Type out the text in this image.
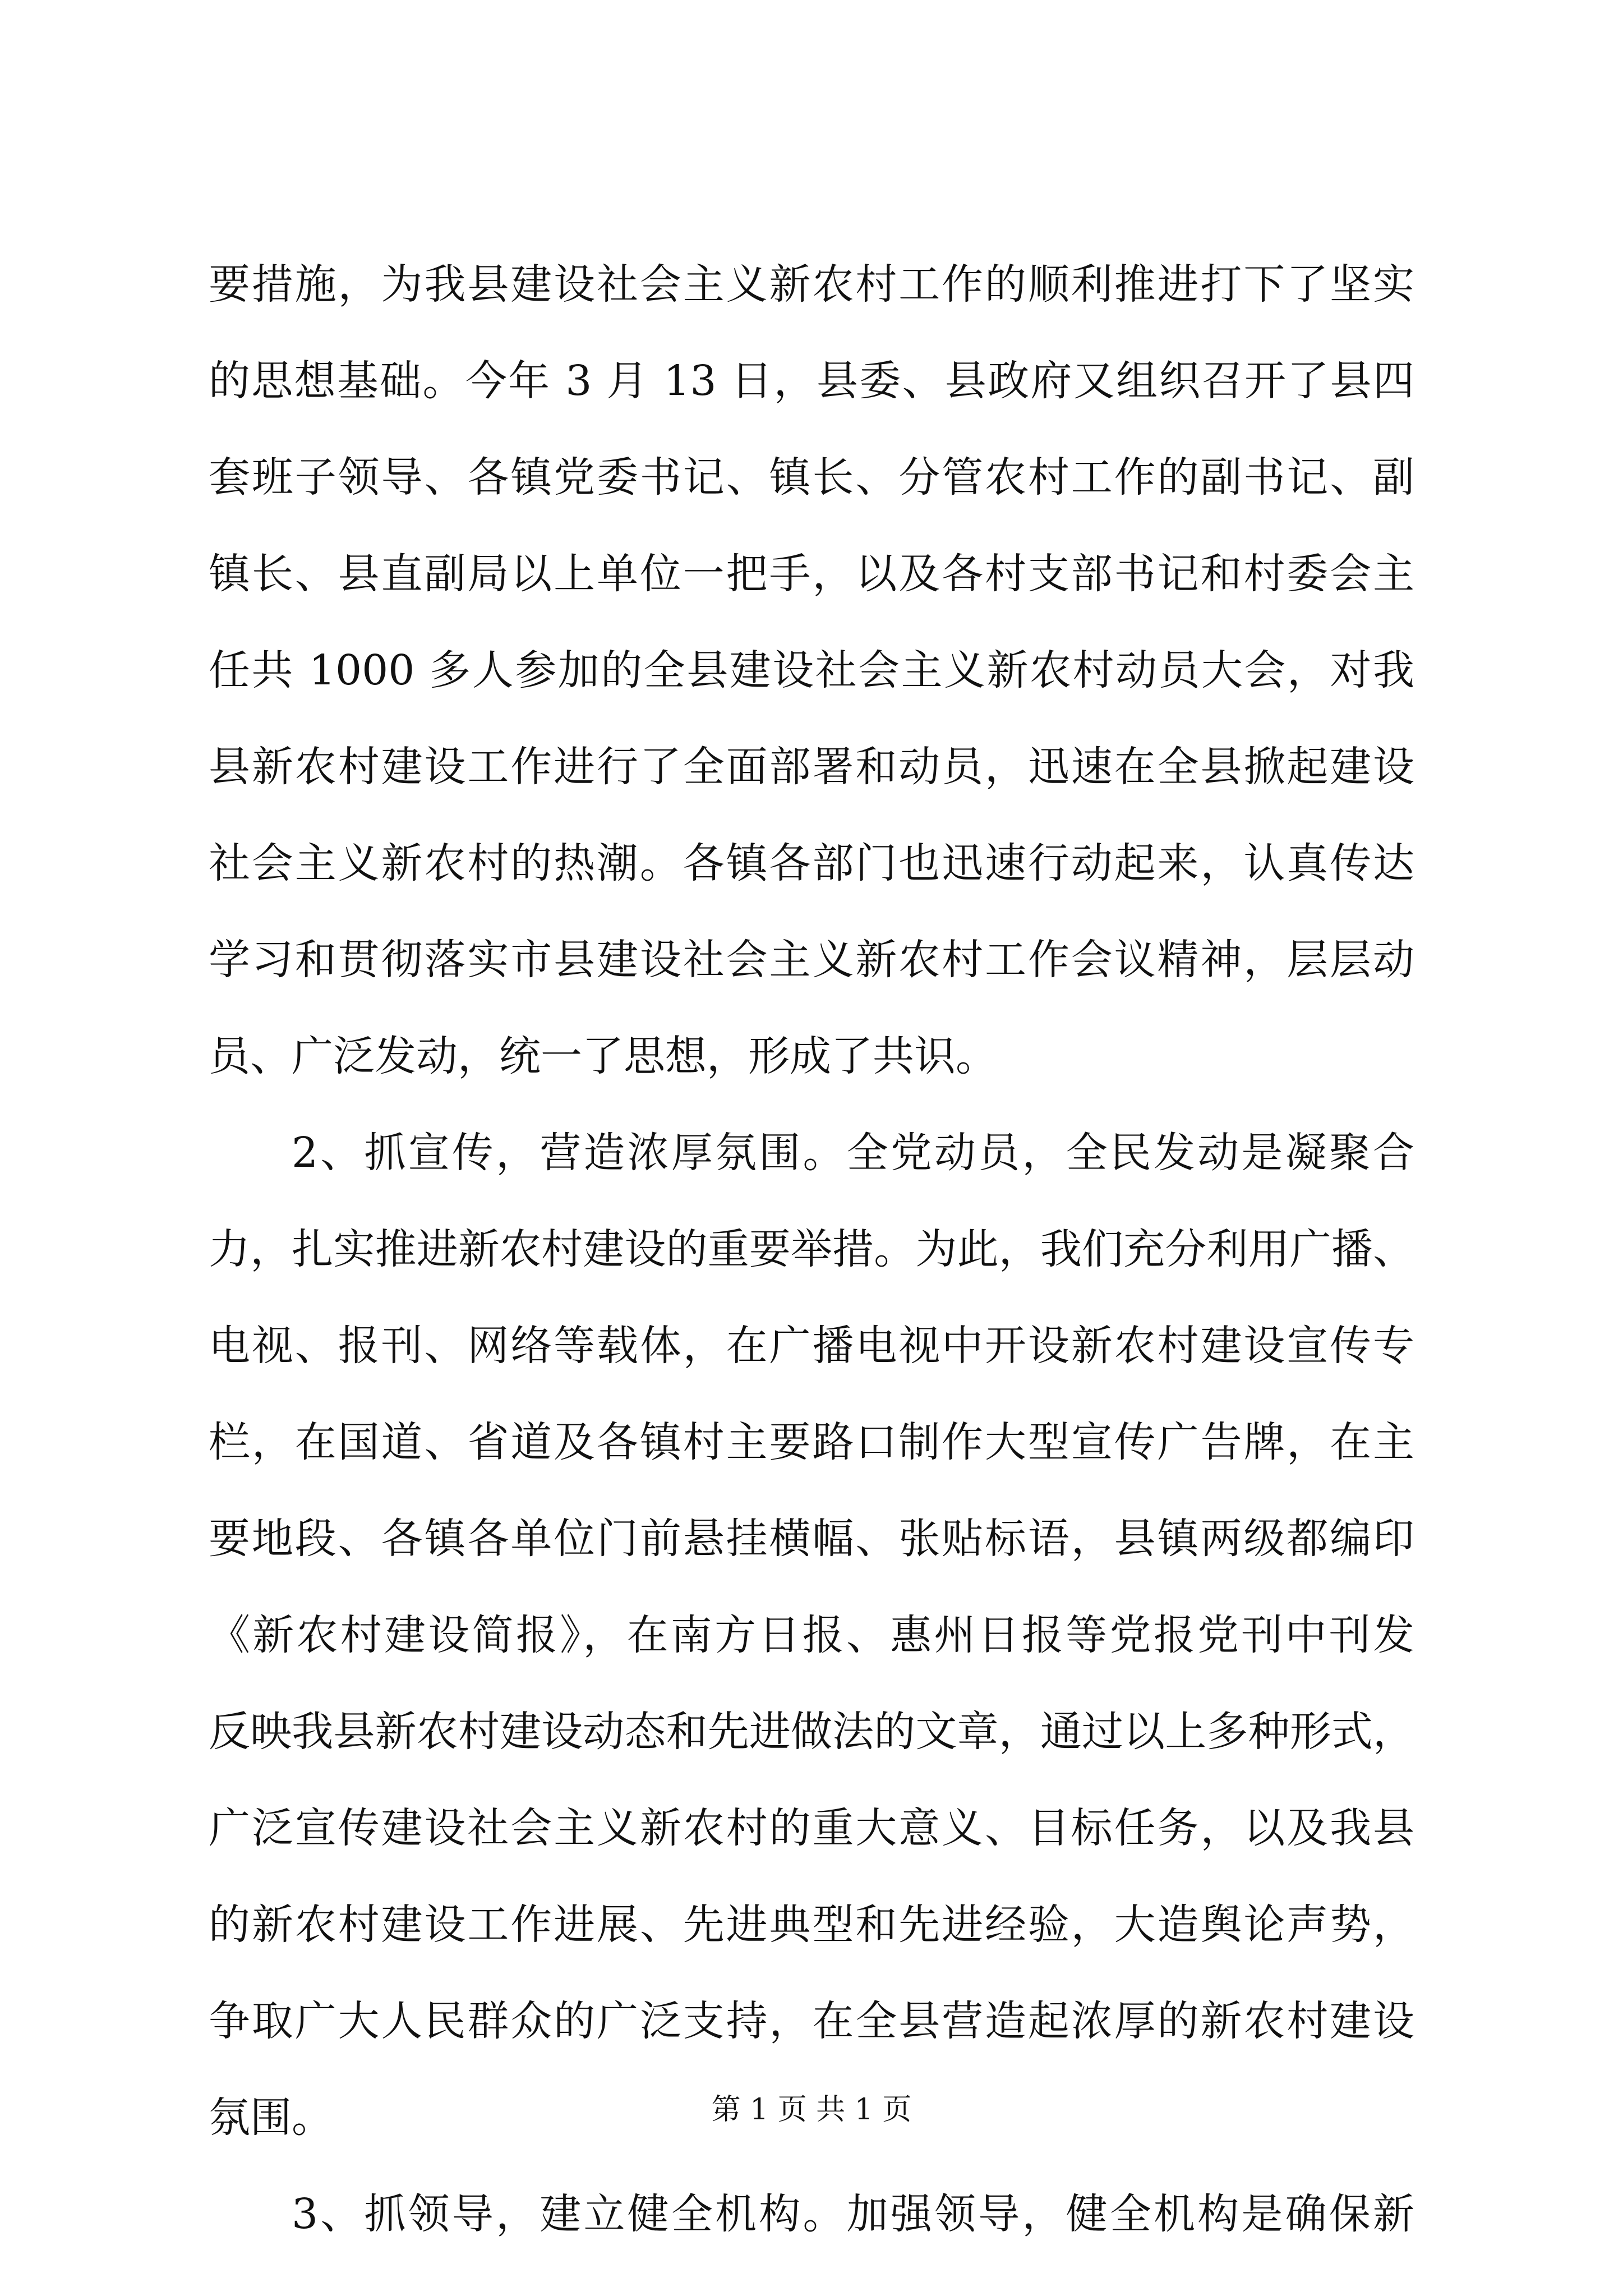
要措施，为我县建设社会主义新农村工作的顺利推进打下了坚实
的思想基础。今年 3 月 13 日，县委、县政府又组织召开了县四
套班子领导、各镇党委书记、镇长、分管农村工作的副书记、副
镇长、县直副局以上单位一把手，以及各村支部书记和村委会主
任共 1000 多人参加的全县建设社会主义新农村动员大会，对我
县新农村建设工作进行了全面部署和动员，迅速在全县掀起建设
社会主义新农村的热潮。各镇各部门也迅速行动起来，认真传达
学习和贯彻落实市县建设社会主义新农村工作会议精神，层层动
员、广泛发动，统一了思想，形成了共识。
2、抓宣传，营造浓厚氛围。全党动员，全民发动是凝聚合
力，扎实推进新农村建设的重要举措。为此，我们充分利用广播、
电视、报刊、网络等载体，在广播电视中开设新农村建设宣传专
栏，在国道、省道及各镇村主要路口制作大型宣传广告牌，在主
要地段、各镇各单位门前悬挂横幅、张贴标语，县镇两级都编印
《新农村建设简报》，在南方日报、惠州日报等党报党刊中刊发
反映我县新农村建设动态和先进做法的文章，通过以上多种形式，
广泛宣传建设社会主义新农村的重大意义、目标任务，以及我县
的新农村建设工作进展、先进典型和先进经验，大造舆论声势，
争取广大人民群众的广泛支持，在全县营造起浓厚的新农村建设
氛围。
3、抓领导，建立健全机构。加强领导，健全机构是确保新
第 1 页 共 1 页
